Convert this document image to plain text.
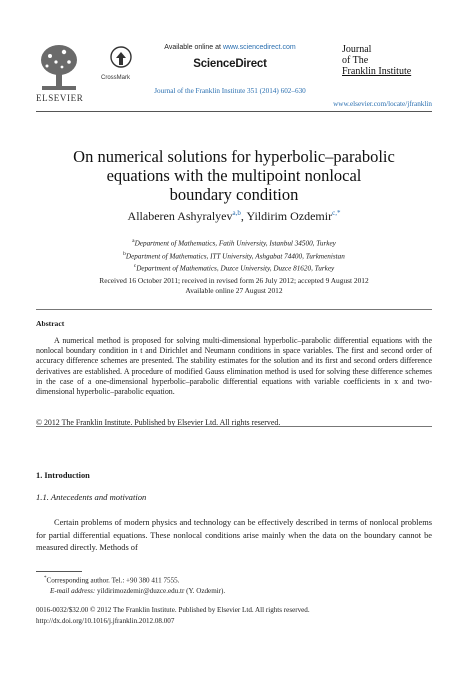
ELSEVIER
CrossMark
Available online at www.sciencedirect.com
ScienceDirect
Journal of the Franklin Institute 351 (2014) 602–630
Journal
of The
Franklin Institute
www.elsevier.com/locate/jfranklin
On numerical solutions for hyperbolic–parabolic
equations with the multipoint nonlocal
boundary condition
Allaberen Ashyralyev$^{a,b}$, Yildirim Ozdemir$^{c,*}$
$^a$Department of Mathematics, Fatih University, Istanbul 34500, Turkey
$^b$Department of Mathematics, ITT University, Ashgabat 74400, Turkmenistan
$^c$Department of Mathematics, Duzce University, Duzce 81620, Turkey
Received 16 October 2011; received in revised form 26 July 2012; accepted 9 August 2012
Available online 27 August 2012
Abstract

A numerical method is proposed for solving multi-dimensional hyperbolic–parabolic differential equations with the nonlocal boundary condition in t and Dirichlet and Neumann conditions in space variables. The first and second order of accuracy difference schemes are presented. The stability estimates for the solution and its first and second orders difference derivatives are established. A procedure of modified Gauss elimination method is used for solving these difference schemes in the case of a one-dimensional hyperbolic–parabolic differential equations with variable coefficients in x and two-dimensional hyperbolic–parabolic equation.

© 2012 The Franklin Institute. Published by Elsevier Ltd. All rights reserved.
1. Introduction
1.1. Antecedents and motivation

Certain problems of modern physics and technology can be effectively described in terms of nonlocal problems for partial differential equations. These nonlocal conditions arise mainly when the data on the boundary cannot be measured directly. Methods of

*Corresponding author. Tel.: +90 380 411 7555.
E-mail address: yildirimozdemir@duzce.edu.tr (Y. Ozdemir).
0016-0032/$32.00 © 2012 The Franklin Institute. Published by Elsevier Ltd. All rights reserved.
http://dx.doi.org/10.1016/j.jfranklin.2012.08.007
